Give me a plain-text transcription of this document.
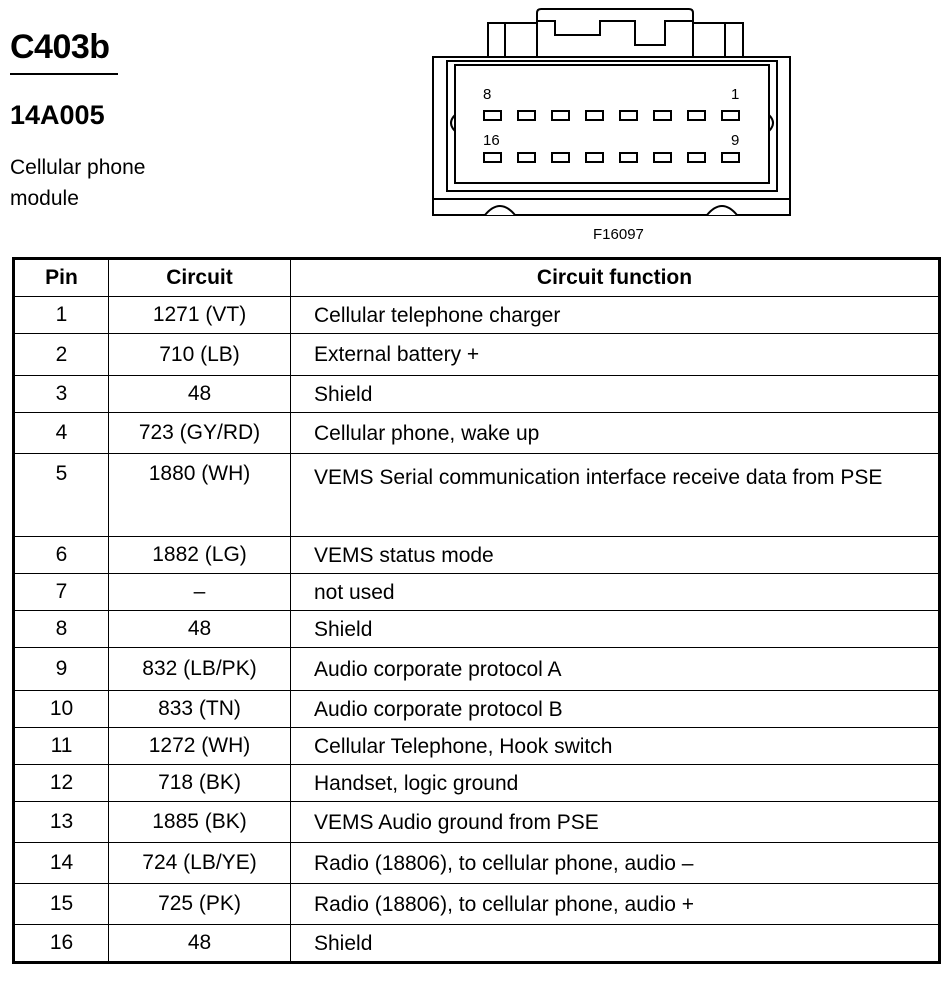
C403b
14A005
Cellular phone module
8	1
16	9
F16097
Pin	Circuit	Circuit function
1	1271 (VT)	Cellular telephone charger
2	710 (LB)	External battery +
3	48	Shield
4	723 (GY/RD)	Cellular phone, wake up
5	1880 (WH)	VEMS Serial communication interface receive data from PSE
6	1882 (LG)	VEMS status mode
7	–	not used
8	48	Shield
9	832 (LB/PK)	Audio corporate protocol A
10	833 (TN)	Audio corporate protocol B
11	1272 (WH)	Cellular Telephone, Hook switch
12	718 (BK)	Handset, logic ground
13	1885 (BK)	VEMS Audio ground from PSE
14	724 (LB/YE)	Radio (18806), to cellular phone, audio –
15	725 (PK)	Radio (18806), to cellular phone, audio +
16	48	Shield
